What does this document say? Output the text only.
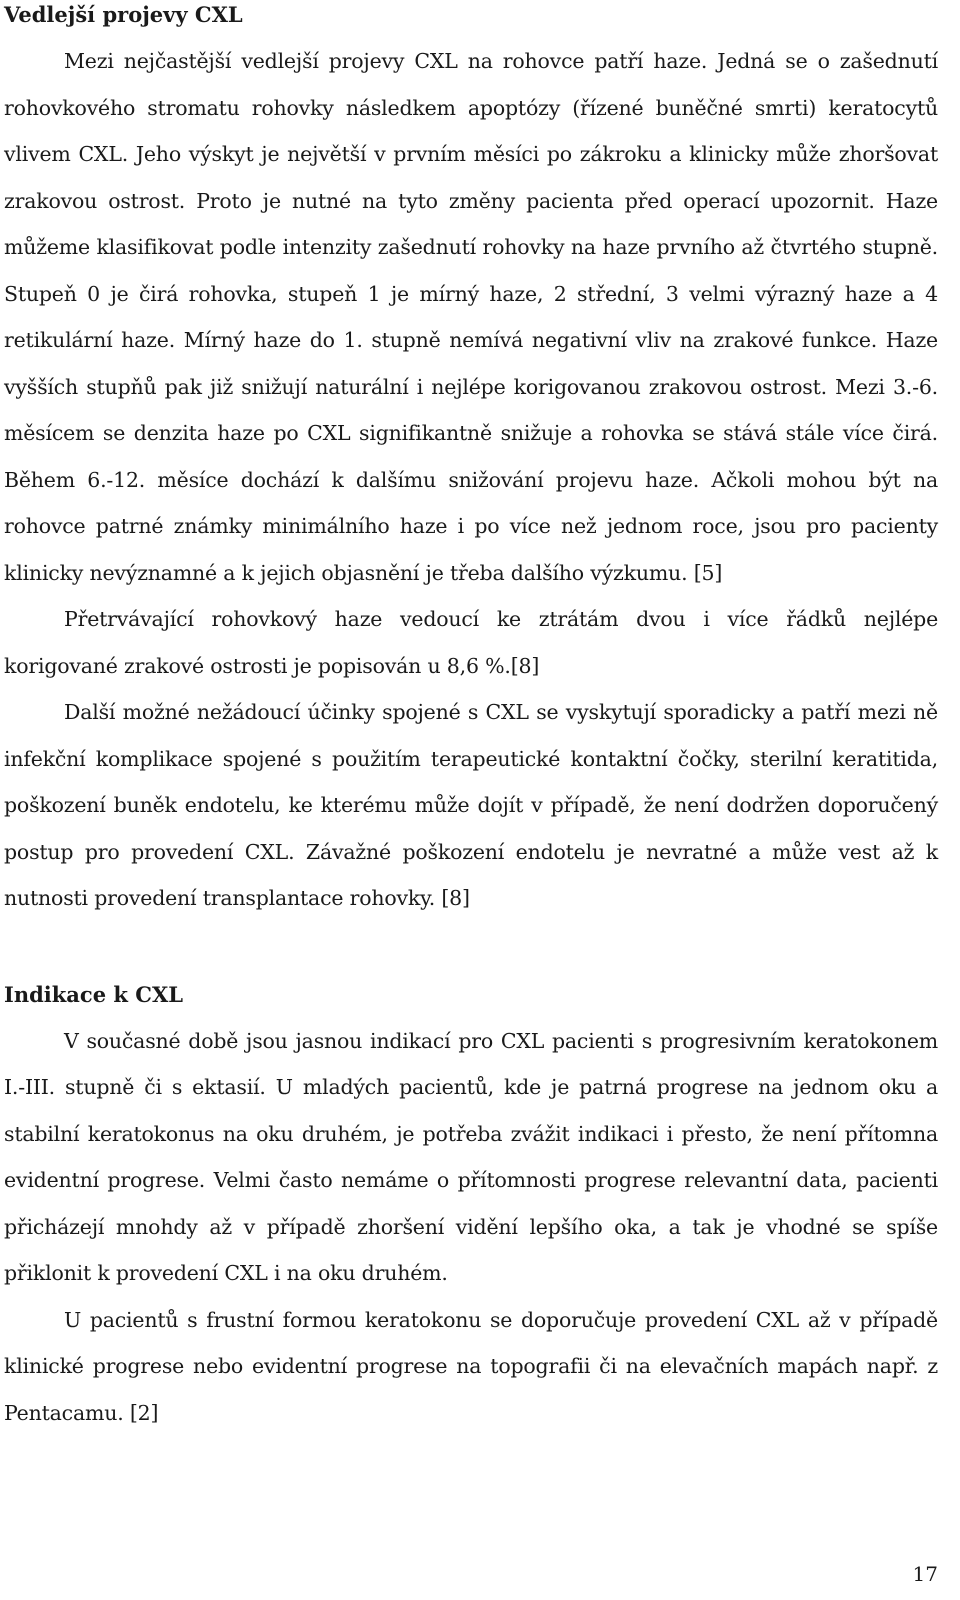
Vedlejší projevy CXL

Mezi nejčastější vedlejší projevy CXL na rohovce patří haze. Jedná se o zašednutí rohovkového stromatu rohovky následkem apoptózy (řízené buněčné smrti) keratocytů vlivem CXL. Jeho výskyt je největší v prvním měsíci po zákroku a klinicky může zhoršovat zrakovou ostrost. Proto je nutné na tyto změny pacienta před operací upozornit. Haze můžeme klasifikovat podle intenzity zašednutí rohovky na haze prvního až čtvrtého stupně. Stupeň 0 je čirá rohovka, stupeň 1 je mírný haze, 2 střední, 3 velmi výrazný haze a 4 retikulární haze. Mírný haze do 1. stupně nemívá negativní vliv na zrakové funkce. Haze vyšších stupňů pak již snižují naturální i nejlépe korigovanou zrakovou ostrost. Mezi 3.-6. měsícem se denzita haze po CXL signifikantně snižuje a rohovka se stává stále více čirá. Během 6.-12. měsíce dochází k dalšímu snižování projevu haze. Ačkoli mohou být na rohovce patrné známky minimálního haze i po více než jednom roce, jsou pro pacienty klinicky nevýznamné a k jejich objasnění je třeba dalšího výzkumu. [5]

Přetrvávající rohovkový haze vedoucí ke ztrátám dvou i více řádků nejlépe korigované zrakové ostrosti je popisován u 8,6 %.[8]

Další možné nežádoucí účinky spojené s CXL se vyskytují sporadicky a patří mezi ně infekční komplikace spojené s použitím terapeutické kontaktní čočky, sterilní keratitida, poškození buněk endotelu, ke kterému může dojít v případě, že není dodržen doporučený postup pro provedení CXL. Závažné poškození endotelu je nevratné a může vest až k nutnosti provedení transplantace rohovky. [8]

Indikace k CXL

V současné době jsou jasnou indikací pro CXL pacienti s progresivním keratokonem I.-III. stupně či s ektasií. U mladých pacientů, kde je patrná progrese na jednom oku a stabilní keratokonus na oku druhém, je potřeba zvážit indikaci i přesto, že není přítomna evidentní progrese. Velmi často nemáme o přítomnosti progrese relevantní data, pacienti přicházejí mnohdy až v případě zhoršení vidění lepšího oka, a tak je vhodné se spíše přiklonit k provedení CXL i na oku druhém.

U pacientů s frustní formou keratokonu se doporučuje provedení CXL až v případě klinické progrese nebo evidentní progrese na topografii či na elevačních mapách např. z Pentacamu. [2]

17
